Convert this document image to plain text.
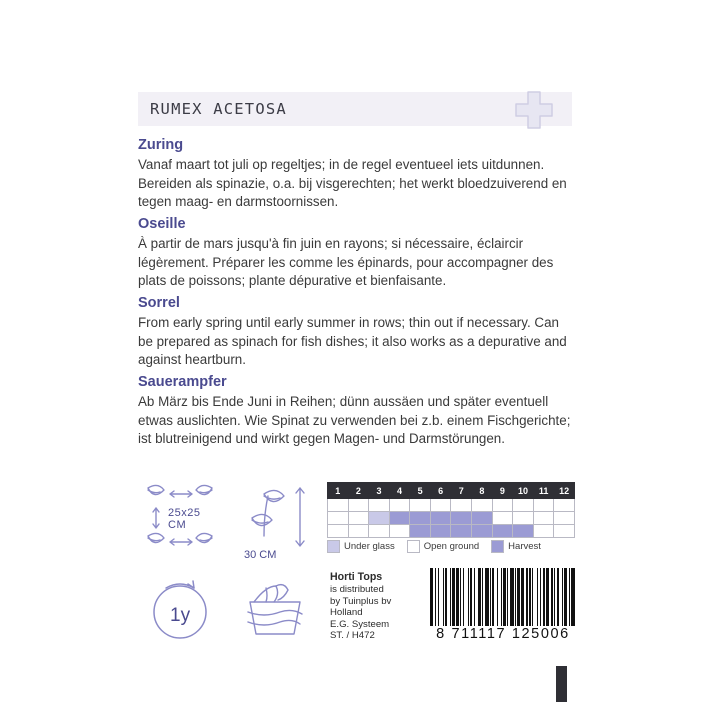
RUMEX ACETOSA
Zuring

Vanaf maart tot juli op regeltjes; in de regel eventueel iets uitdunnen. Bereiden als spinazie, o.a. bij visgerechten; het werkt bloedzuiverend en tegen maag- en darmstoornissen.

Oseille

À partir de mars jusqu'à fin juin en rayons; si nécessaire, éclaircir légèrement. Préparer les comme les épinards, pour accompagner des plats de poissons; plante dépurative et bienfaisante.

Sorrel

From early spring until early summer in rows; thin out if necessary. Can be prepared as spinach for fish dishes; it also works as a depurative and against heartburn.

Sauerampfer

Ab März bis Ende Juni in Reihen; dünn aussäen und später eventuell etwas auslichten. Wie Spinat zu verwenden bei z.b. einem Fischgerichte; ist blutreinigend und wirkt gegen Magen- und Darmstörungen.

25x25
CM
30 CM
1y
1	2	3	4	5	6	7	8	9	10	11	12

Under glass	Open ground	Harvest
Horti Tops
is distributed
by Tuinplus bv
Holland
E.G. Systeem
ST. / H472	8 711117 125006
